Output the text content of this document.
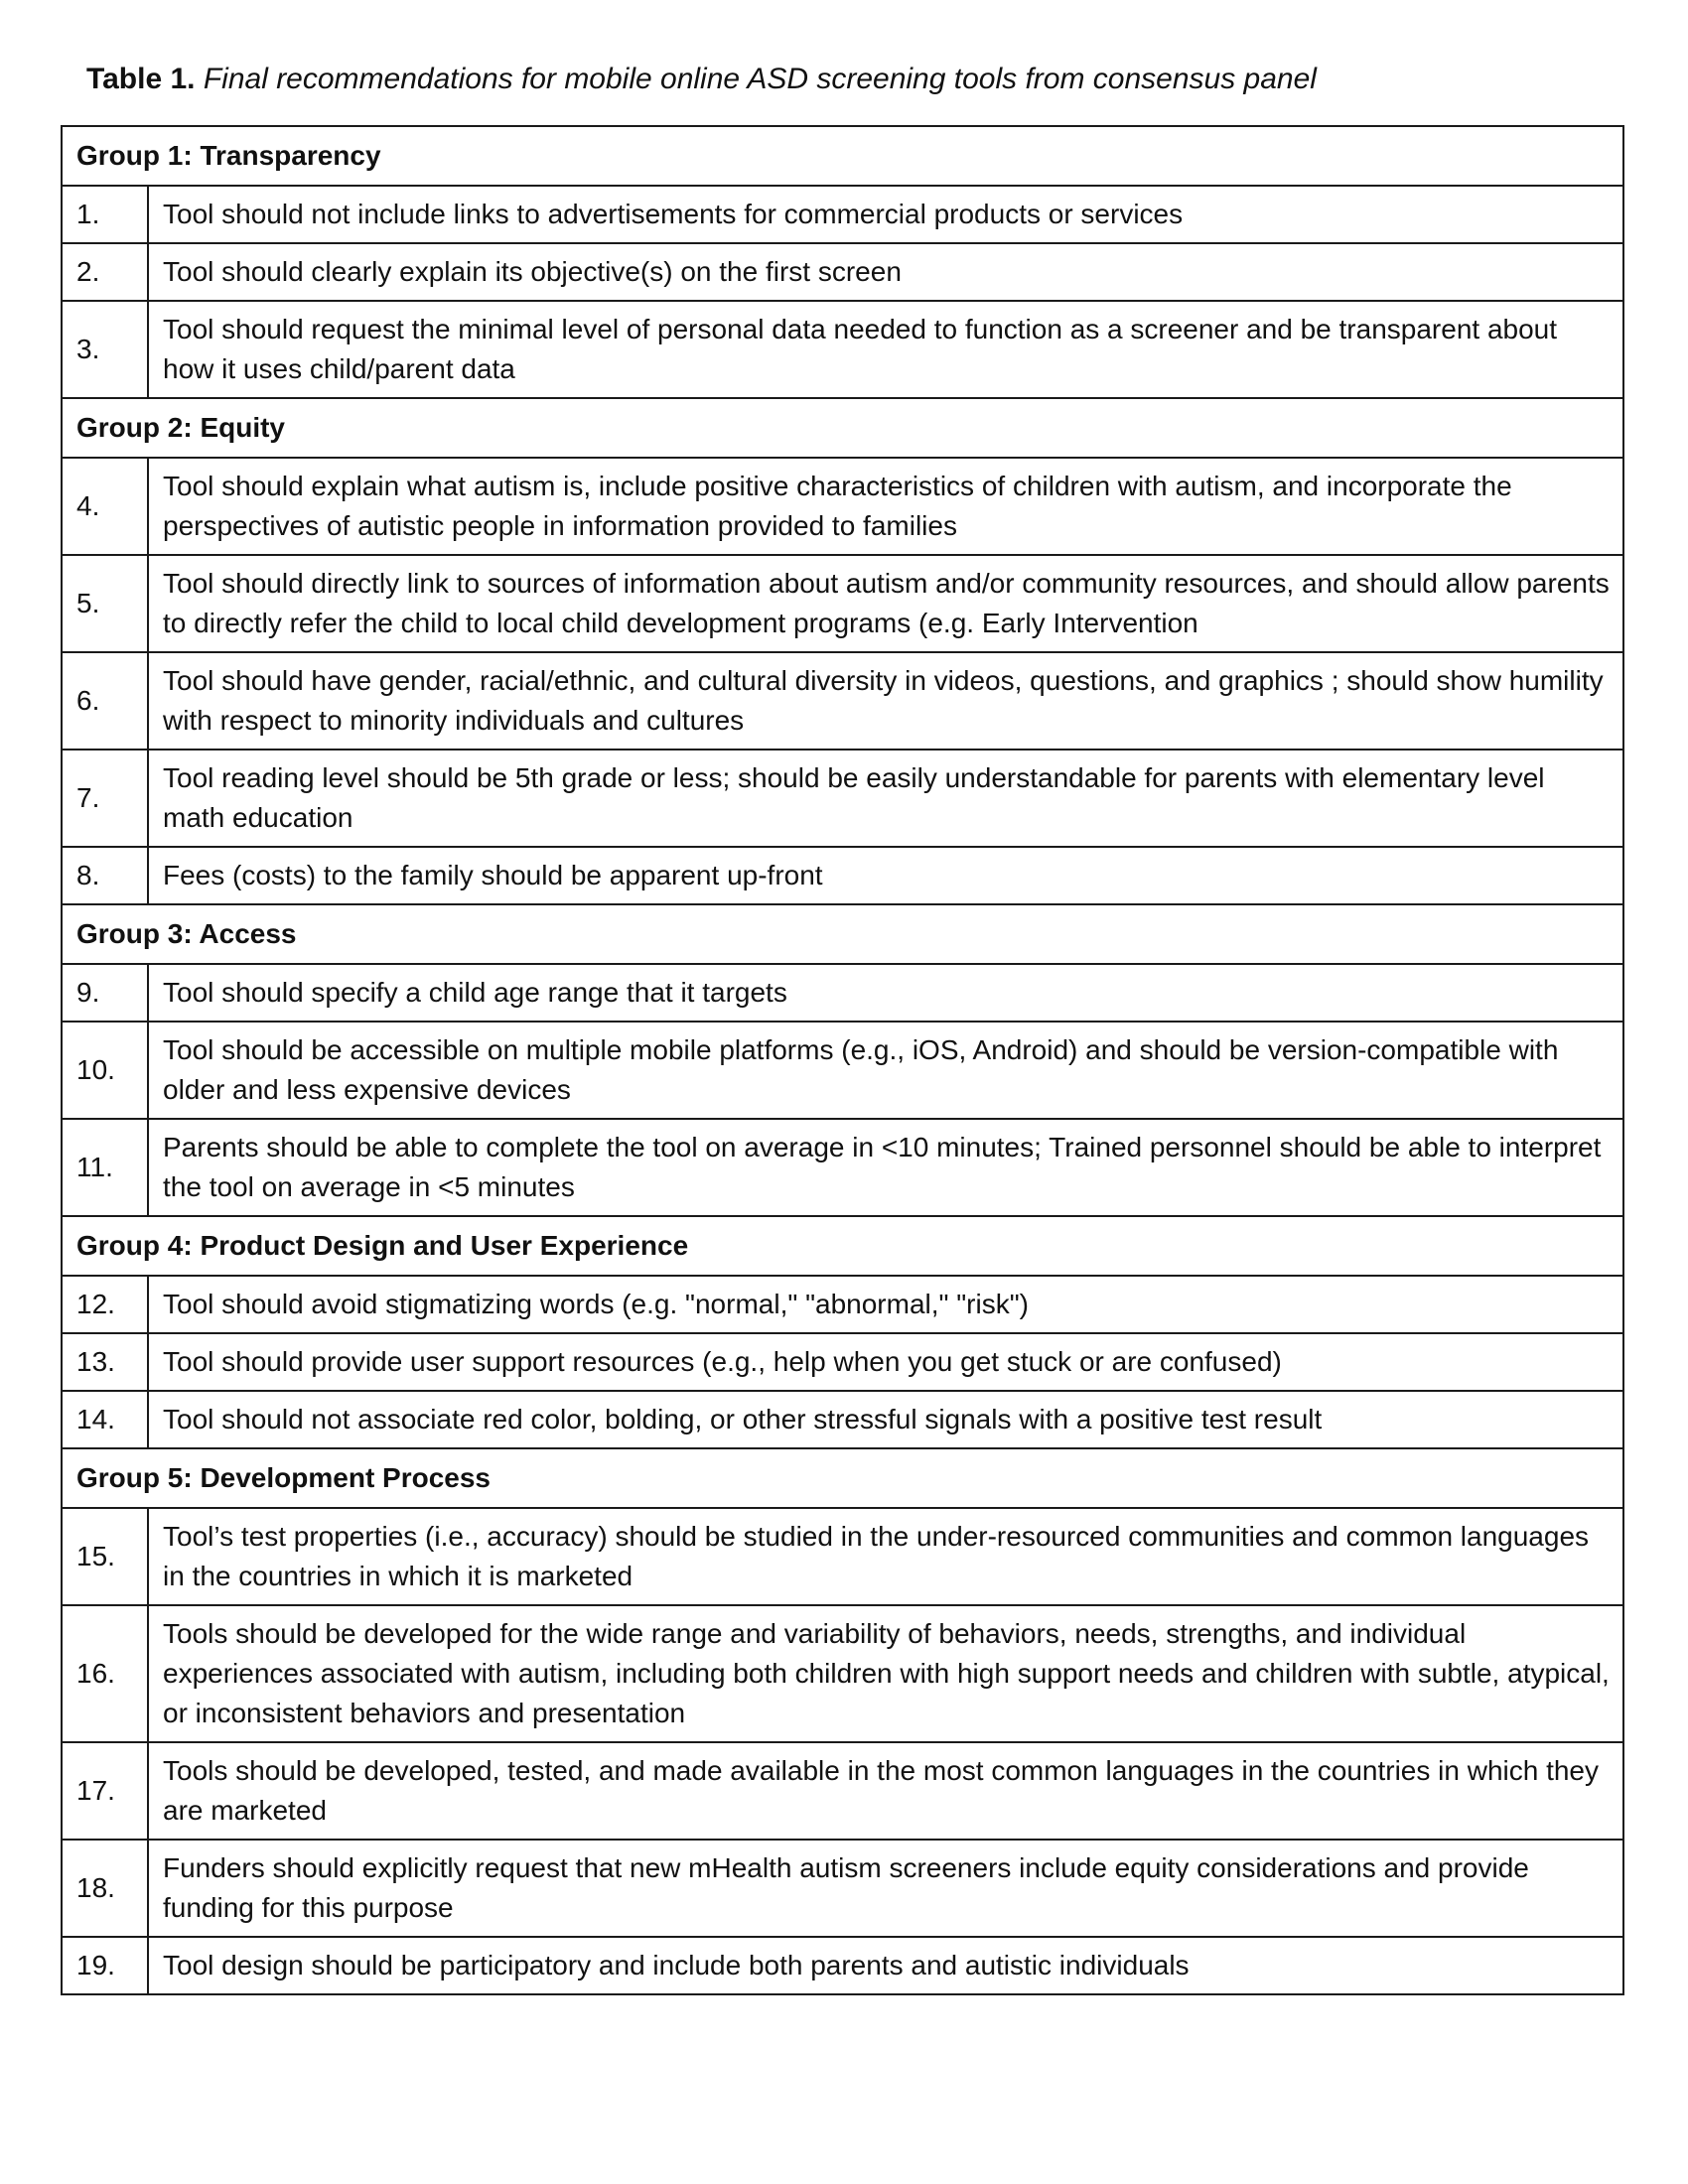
Table 1. Final recommendations for mobile online ASD screening tools from consensus panel
Group 1: Transparency	
1.	Tool should not include links to advertisements for commercial products or services
2.	Tool should clearly explain its objective(s) on the first screen
3.	Tool should request the minimal level of personal data needed to function as a screener and be transparent about how it uses child/parent data
Group 2: Equity	
4.	Tool should explain what autism is, include positive characteristics of children with autism, and incorporate the perspectives of autistic people in information provided to families
5.	Tool should directly link to sources of information about autism and/or community resources, and should allow parents to directly refer the child to local child development programs (e.g. Early Intervention
6.	Tool should have gender, racial/ethnic, and cultural diversity in videos, questions, and graphics ; should show humility with respect to minority individuals and cultures
7.	Tool reading level should be 5th grade or less; should be easily understandable for parents with elementary level math education
8.	Fees (costs) to the family should be apparent up-front
Group 3: Access	
9.	Tool should specify a child age range that it targets
10.	Tool should be accessible on multiple mobile platforms (e.g., iOS, Android) and should be version-compatible with older and less expensive devices
11.	Parents should be able to complete the tool on average in <10 minutes; Trained personnel should be able to interpret the tool on average in <5 minutes
Group 4: Product Design and User Experience	
12.	Tool should avoid stigmatizing words (e.g. "normal," "abnormal," "risk")
13.	Tool should provide user support resources (e.g., help when you get stuck or are confused)
14.	Tool should not associate red color, bolding, or other stressful signals with a positive test result
Group 5: Development Process	
15.	Tool’s test properties (i.e., accuracy) should be studied in the under-resourced communities and common languages in the countries in which it is marketed
16.	Tools should be developed for the wide range and variability of behaviors, needs, strengths, and individual experiences associated with autism, including both children with high support needs and children with subtle, atypical, or inconsistent behaviors and presentation
17.	Tools should be developed, tested, and made available in the most common languages in the countries in which they are marketed
18.	Funders should explicitly request that new mHealth autism screeners include equity considerations and provide funding for this purpose
19.	Tool design should be participatory and include both parents and autistic individuals
